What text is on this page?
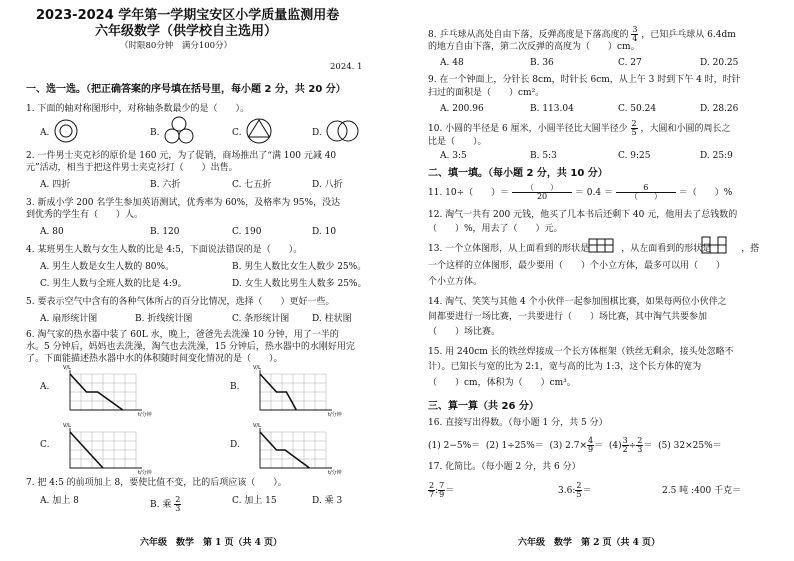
2023-2024 学年第一学期宝安区小学质量监测用卷
六年级数学（供学校自主选用）
（时限80分钟　满分100分）
2024. 1
一、选一选。（把正确答案的序号填在括号里，每小题 2 分，共 20 分）
1. 下面的轴对称图形中，对称轴条数最少的是（　　）。
A.	B.	C.	D.
2. 一件男士夹克衫的原价是 160 元，为了促销，商场推出了“满 100 元减 40
元”活动，相当于把这件男士夹克衫打（　　）出售。
A. 四折	B. 六折	C. 七五折	D. 八折
3. 新成小学 200 名学生参加英语测试，优秀率为 60%，及格率为 95%，没达
到优秀的学生有（　　）人。
A. 80	B. 120	C. 190	D. 10
4. 某班男生人数与女生人数的比是 4:5，下面说法错误的是（　　）。
A. 男生人数是女生人数的 80%。	B. 男生人数比女生人数少 25%。
C. 男生人数与全班人数的比是 4:9。	D. 女生人数比男生人数多 25%。
5. 要表示空气中含有的各种气体所占的百分比情况，选择（　　）更好一些。
A. 扇形统计图	B. 折线统计图	C. 条形统计图	D. 柱状图
6. 淘气家的热水器中装了 60L 水，晚上，爸爸先去洗澡 10 分钟，用了一半的
水。5 分钟后，妈妈也去洗澡，淘气也去洗澡，15 分钟后，热水器中的水刚好用完
了。下面能描述热水器中水的体积随时间变化情况的是（　　）。
A.	B.
C.	D.
V/L
t/分钟
V/L
t/分钟
V/L
t/分钟
V/L
t/分钟
7. 把 4:5 的前项加上 8，要使比值不变，比的后项应该（　　）。
A. 加上 8	B. 乘 $\frac{2}{3}$	C. 加上 15	D. 乘 3
六年级　数学　第 1 页（共 4 页）
8. 乒乓球从高处自由下落，反弹高度是下落高度的 $\frac{3}{4}$ ，已知乒乓球从 6.4dm
的地方自由下落，第二次反弹的高度为（　　）cm。
A. 48	B. 36	C. 27	D. 20.25
9. 在一个钟面上，分针长 8cm，时针长 6cm，从上午 3 时到下午 4 时，时针
扫过的面积是（　　）cm²。
A. 200.96	B. 113.04	C. 50.24	D. 28.26
10. 小圆的半径是 6 厘米，小圆半径比大圆半径少 $\frac{2}{5}$ ，大圆和小圆的周长之
比是（　　）。
A. 3:5	B. 5:3	C. 9:25	D. 25:9
二、填一填。（每小题 2 分，共 10 分）
11. 10÷（　　）＝ $\frac{( )}{20} = 0.4 = \frac{6}{( )}$ ＝（　　）%
12. 淘气一共有 200 元钱，他买了几本书后还剩下 40 元，他用去了总钱数的
（　　）%，用去了（　　）元。
13. 一个立体图形，从上面看到的形状是	，从左面看到的形状是	，搭
一个这样的立体图形，最少要用（　　）个小立方体，最多可以用（　　）
个小立方体。
14. 淘气、笑笑与其他 4 个小伙伴一起参加围棋比赛，如果每两位小伙伴之
间都要进行一场比赛，一共要进行（　　）场比赛，其中淘气共要参加
（　　）场比赛。
15. 用 240cm 长的铁丝焊接成一个长方体框架（铁丝无剩余，接头处忽略不
计）。已知长与宽的比为 2:1，宽与高的比为 1:3，这个长方体的宽为
（　　）cm，体积为（　　）cm³。
三、算一算（共 26 分）
16. 直接写出得数。（每小题 1 分，共 5 分）
(1) 2−5%＝ (2) 1÷25%＝ (3) $2.7\times \frac{4}{9} = (4) \frac{3}{2} \div \frac{2}{3} = (5)$ 32×25%＝
17. 化简比。（每小题 2 分，共 6 分）
$\frac{2}{7}$ : $\frac{7}{9}$ ＝	3.6: $\frac{2}{5}$ ＝	2.5 吨 :400 千克＝
六年级　数学　第 2 页（共 4 页）
